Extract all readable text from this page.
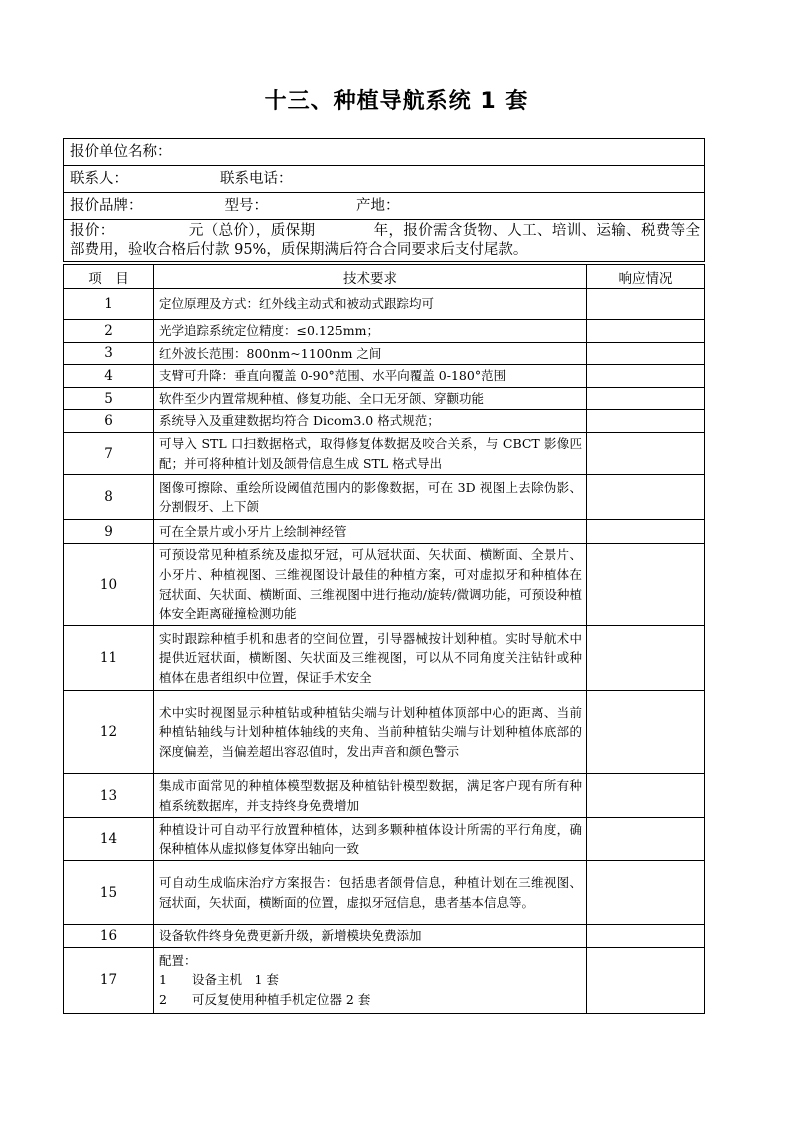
十三、种植导航系统 1 套
报价单位名称：
联系人：	联系电话：
报价品牌：	型号：	产地：
报价：	元（总价），质保期	年，报价需含货物、人工、培训、运输、税费等全部费用，验收合格后付款 95%，质保期满后符合合同要求后支付尾款。
项　目	技术要求	响应情况
1	定位原理及方式：红外线主动式和被动式跟踪均可	
2	光学追踪系统定位精度：≤0.125mm；	
3	红外波长范围：800nm~1100nm 之间	
4	支臂可升降：垂直向覆盖 0-90°范围、水平向覆盖 0-180°范围	
5	软件至少内置常规种植、修复功能、全口无牙颌、穿颧功能	
6	系统导入及重建数据均符合 Dicom3.0 格式规范；	
7	可导入 STL 口扫数据格式，取得修复体数据及咬合关系，与 CBCT 影像匹配；并可将种植计划及颌骨信息生成 STL 格式导出	
8	图像可擦除、重绘所设阈值范围内的影像数据，可在 3D 视图上去除伪影、分割假牙、上下颌	
9	可在全景片或小牙片上绘制神经管	
10	可预设常见种植系统及虚拟牙冠，可从冠状面、矢状面、横断面、全景片、小牙片、种植视图、三维视图设计最佳的种植方案，可对虚拟牙和种植体在冠状面、矢状面、横断面、三维视图中进行拖动/旋转/微调功能，可预设种植体安全距离碰撞检测功能	
11	实时跟踪种植手机和患者的空间位置，引导器械按计划种植。实时导航术中提供近冠状面，横断图、矢状面及三维视图，可以从不同角度关注钻针或种植体在患者组织中位置，保证手术安全	
12	术中实时视图显示种植钻或种植钻尖端与计划种植体顶部中心的距离、当前种植钻轴线与计划种植体轴线的夹角、当前种植钻尖端与计划种植体底部的深度偏差，当偏差超出容忍值时，发出声音和颜色警示	
13	集成市面常见的种植体模型数据及种植钻针模型数据，满足客户现有所有种植系统数据库，并支持终身免费增加	
14	种植设计可自动平行放置种植体，达到多颗种植体设计所需的平行角度，确保种植体从虚拟修复体穿出轴向一致	
15	可自动生成临床治疗方案报告：包括患者颌骨信息，种植计划在三维视图、冠状面，矢状面，横断面的位置，虚拟牙冠信息，患者基本信息等。	
16	设备软件终身免费更新升级，新增模块免费添加	
17	配置：
1　　设备主机　1 套
2　　可反复使用种植手机定位器 2 套	
